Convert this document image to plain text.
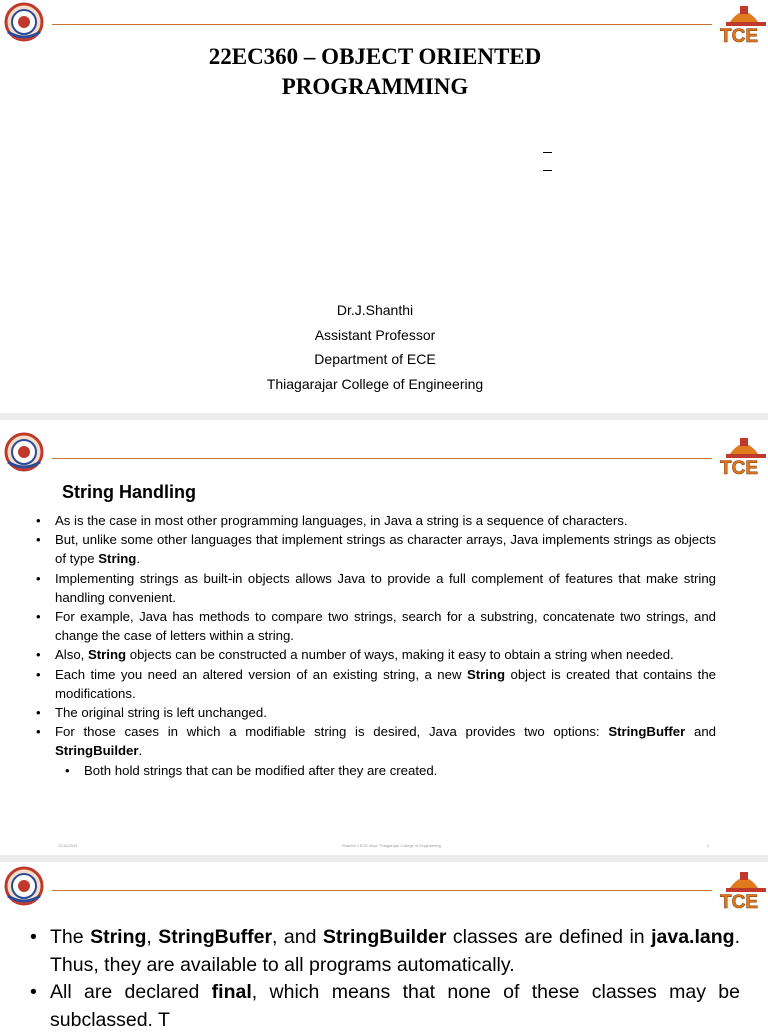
TCE
22EC360 – OBJECT ORIENTED
PROGRAMMING
Dr.J.Shanthi
Assistant Professor
Department of ECE
Thiagarajar College of Engineering
TCE
String Handling
• As is the case in most other programming languages, in Java a string is a sequence of characters.
• But, unlike some other languages that implement strings as character arrays, Java implements strings as objects of type String.
• Implementing strings as built-in objects allows Java to provide a full complement of features that make string handling convenient.
• For example, Java has methods to compare two strings, search for a substring, concatenate two strings, and change the case of letters within a string.
• Also, String objects can be constructed a number of ways, making it easy to obtain a string when needed.
• Each time you need an altered version of an existing string, a new String object is created that contains the modifications.
• The original string is left unchanged.
• For those cases in which a modifiable string is desired, Java provides two options: StringBuffer and StringBuilder.
• Both hold strings that can be modified after they are created.
11/11/2024	Shanthi J ECE dept, Thiagarajar College of Engineering	2
TCE
• The String, StringBuffer, and StringBuilder classes are defined in java.lang. Thus, they are available to all programs automatically.
• All are declared final, which means that none of these classes may be subclassed. T
